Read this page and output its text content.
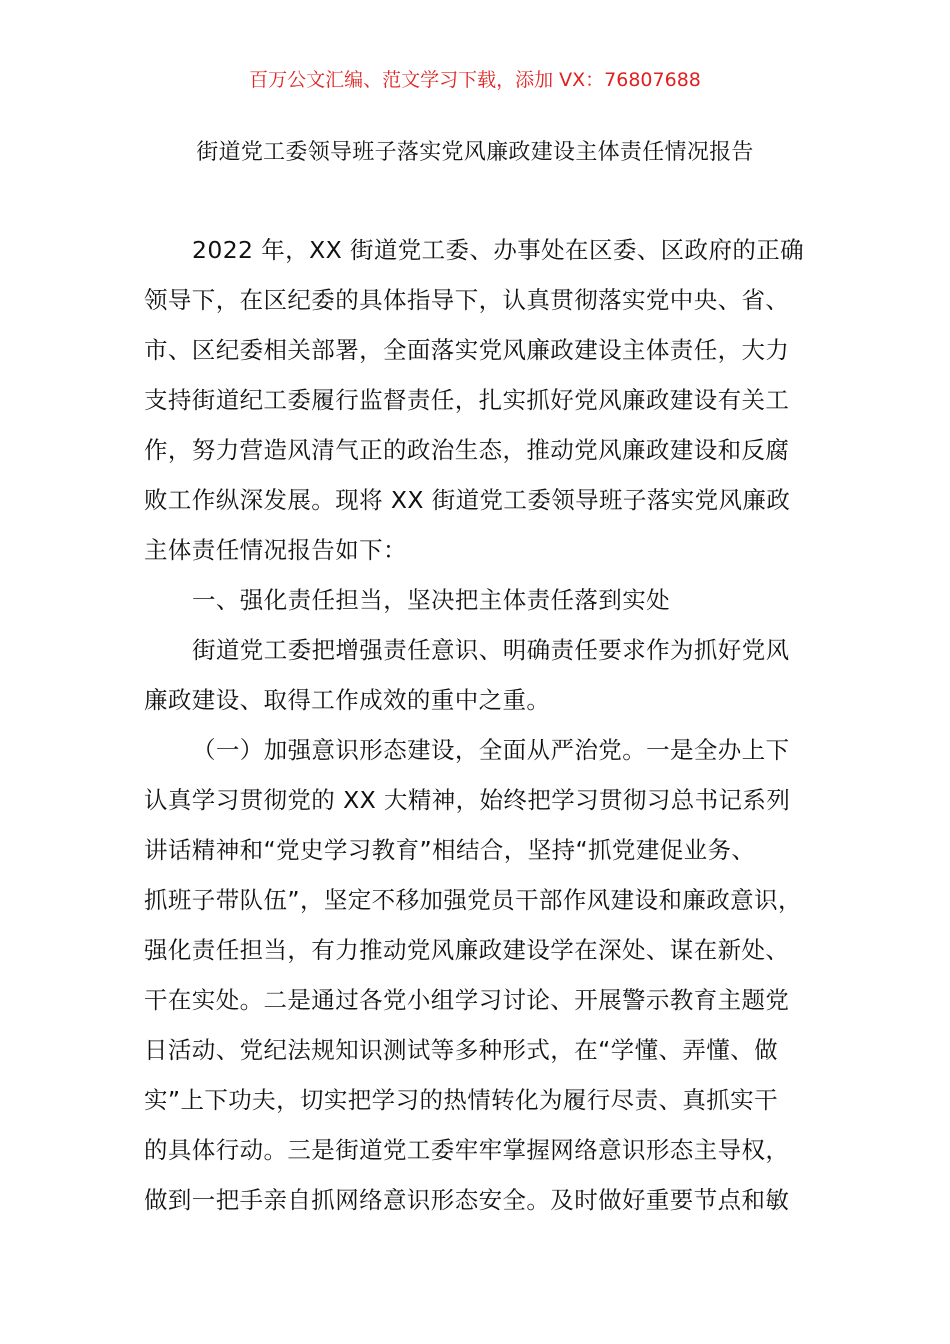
百万公文汇编、范文学习下载，添加 VX：76807688
街道党工委领导班子落实党风廉政建设主体责任情况报告
2022 年，XX 街道党工委、办事处在区委、区政府的正确
领导下，在区纪委的具体指导下，认真贯彻落实党中央、省、
市、区纪委相关部署，全面落实党风廉政建设主体责任，大力
支持街道纪工委履行监督责任，扎实抓好党风廉政建设有关工
作，努力营造风清气正的政治生态，推动党风廉政建设和反腐
败工作纵深发展。现将 XX 街道党工委领导班子落实党风廉政
主体责任情况报告如下：
一、强化责任担当，坚决把主体责任落到实处
街道党工委把增强责任意识、明确责任要求作为抓好党风
廉政建设、取得工作成效的重中之重。
（一）加强意识形态建设，全面从严治党。一是全办上下
认真学习贯彻党的 XX 大精神，始终把学习贯彻习总书记系列
讲话精神和“党史学习教育”相结合，坚持“抓党建促业务、
抓班子带队伍”，坚定不移加强党员干部作风建设和廉政意识，
强化责任担当，有力推动党风廉政建设学在深处、谋在新处、
干在实处。二是通过各党小组学习讨论、开展警示教育主题党
日活动、党纪法规知识测试等多种形式，在“学懂、弄懂、做
实”上下功夫，切实把学习的热情转化为履行尽责、真抓实干
的具体行动。三是街道党工委牢牢掌握网络意识形态主导权，
做到一把手亲自抓网络意识形态安全。及时做好重要节点和敏
